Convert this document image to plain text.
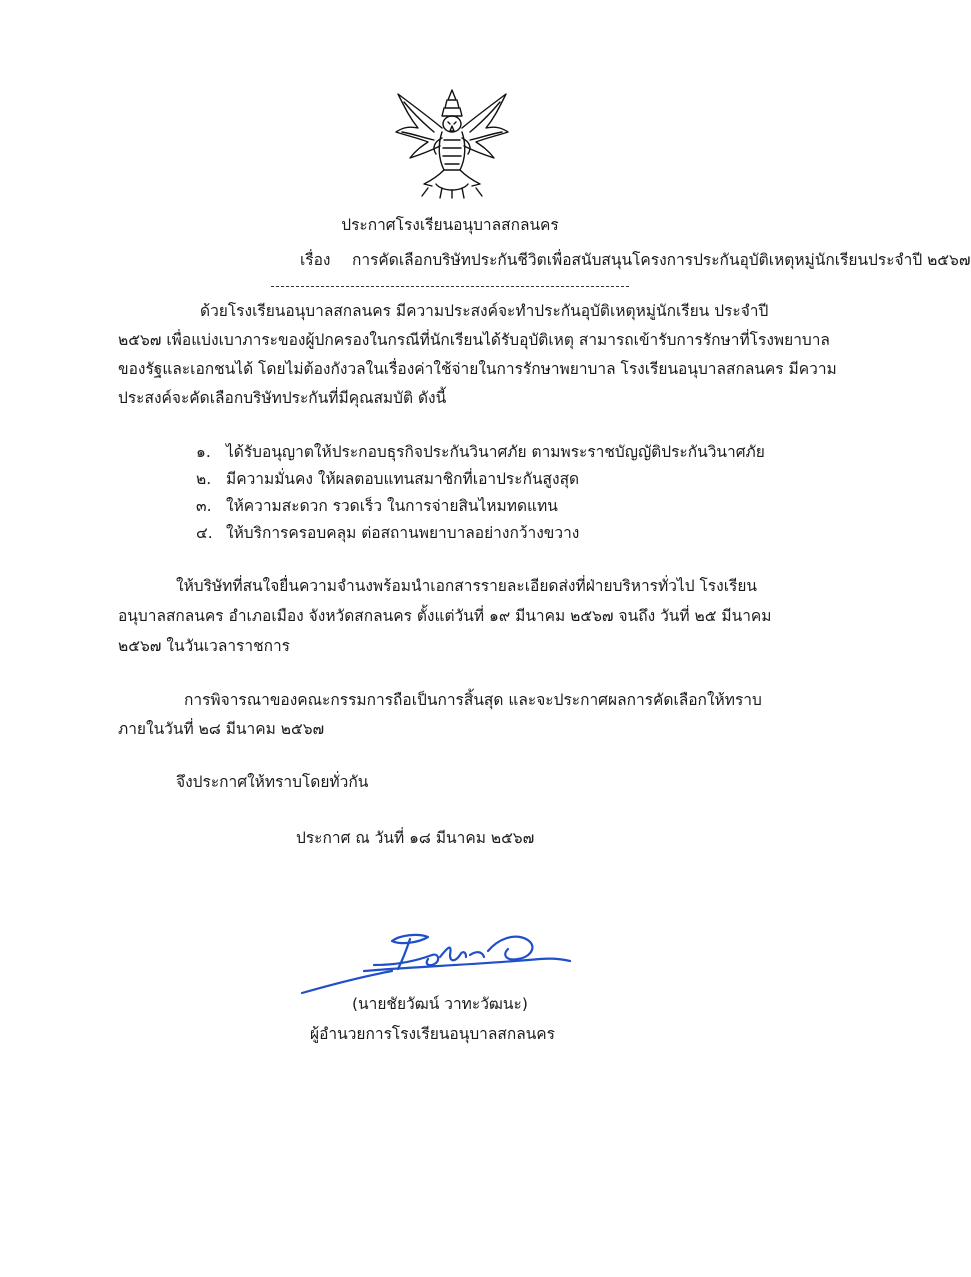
ประกาศโรงเรียนอนุบาลสกลนคร
เรื่อง การคัดเลือกบริษัทประกันชีวิตเพื่อสนับสนุนโครงการประกันอุบัติเหตุหมู่นักเรียนประจำปี ๒๕๖๗
ด้วยโรงเรียนอนุบาลสกลนคร มีความประสงค์จะทำประกันอุบัติเหตุหมู่นักเรียน ประจำปี
๒๕๖๗ เพื่อแบ่งเบาภาระของผู้ปกครองในกรณีที่นักเรียนได้รับอุบัติเหตุ สามารถเข้ารับการรักษาที่โรงพยาบาล
ของรัฐและเอกชนได้ โดยไม่ต้องกังวลในเรื่องค่าใช้จ่ายในการรักษาพยาบาล โรงเรียนอนุบาลสกลนคร มีความ
ประสงค์จะคัดเลือกบริษัทประกันที่มีคุณสมบัติ ดังนี้
๑. ได้รับอนุญาตให้ประกอบธุรกิจประกันวินาศภัย ตามพระราชบัญญัติประกันวินาศภัย
๒. มีความมั่นคง ให้ผลตอบแทนสมาชิกที่เอาประกันสูงสุด
๓. ให้ความสะดวก รวดเร็ว ในการจ่ายสินไหมทดแทน
๔. ให้บริการครอบคลุม ต่อสถานพยาบาลอย่างกว้างขวาง
ให้บริษัทที่สนใจยื่นความจำนงพร้อมนำเอกสารรายละเอียดส่งที่ฝ่ายบริหารทั่วไป โรงเรียน
อนุบาลสกลนคร อำเภอเมือง จังหวัดสกลนคร ตั้งแต่วันที่ ๑๙ มีนาคม ๒๕๖๗ จนถึง วันที่ ๒๕ มีนาคม
๒๕๖๗ ในวันเวลาราชการ
การพิจารณาของคณะกรรมการถือเป็นการสิ้นสุด และจะประกาศผลการคัดเลือกให้ทราบ
ภายในวันที่ ๒๘ มีนาคม ๒๕๖๗
จึงประกาศให้ทราบโดยทั่วกัน
ประกาศ ณ วันที่ ๑๘ มีนาคม ๒๕๖๗
(นายชัยวัฒน์ วาทะวัฒนะ)
ผู้อำนวยการโรงเรียนอนุบาลสกลนคร
